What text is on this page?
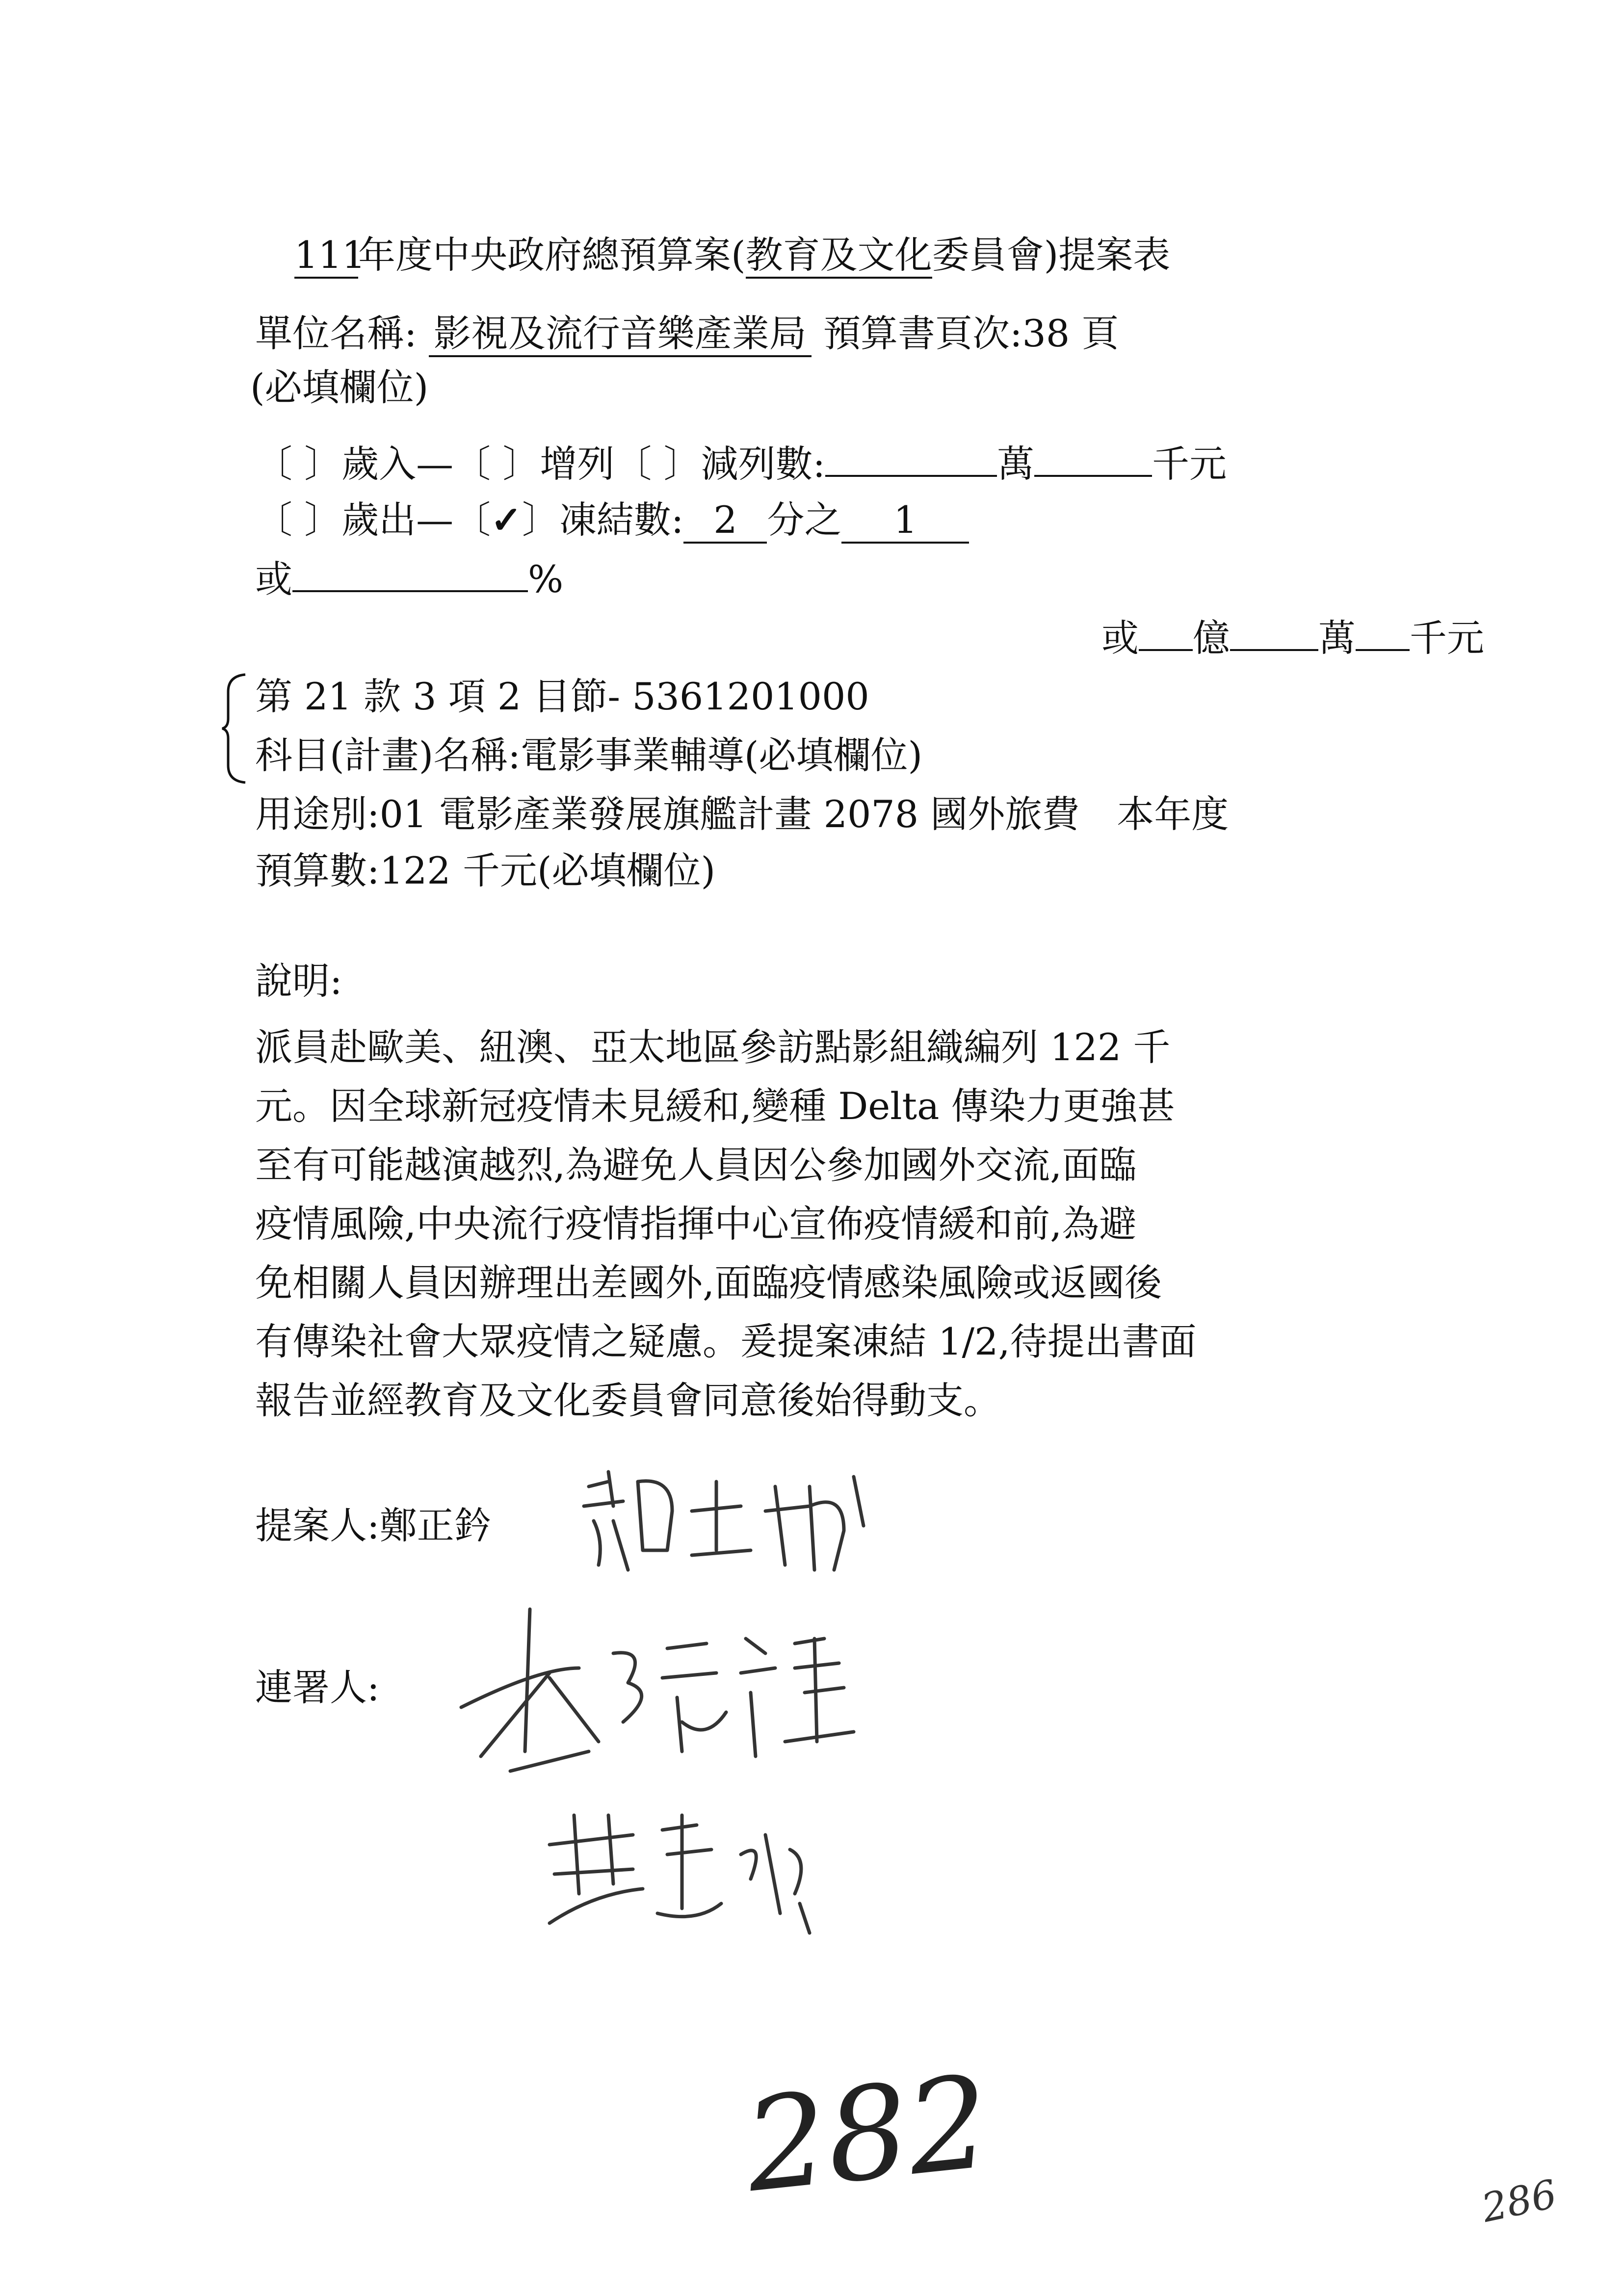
111年度中央政府總預算案(教育及文化委員會)提案表
單位名稱: 影視及流行音樂產業局 預算書頁次:38 頁
(必填欄位)
〔 〕歲入—〔 〕增列〔 〕減列數:	萬	千元
〔 〕歲出—〔✓〕凍結數: 2 分之 1
或	%
或 億 萬 千元
第 21 款 3 項 2 目節- 5361201000
科目(計畫)名稱:電影事業輔導(必填欄位)
用途別:01 電影產業發展旗艦計畫 2078 國外旅費　本年度
預算數:122 千元(必填欄位)
說明:
派員赴歐美、紐澳、亞太地區參訪點影組織編列 122 千
元。因全球新冠疫情未見緩和,變種 Delta 傳染力更強甚
至有可能越演越烈,為避免人員因公參加國外交流,面臨
疫情風險,中央流行疫情指揮中心宣佈疫情緩和前,為避
免相關人員因辦理出差國外,面臨疫情感染風險或返國後
有傳染社會大眾疫情之疑慮。爰提案凍結 1/2,待提出書面
報告並經教育及文化委員會同意後始得動支。
提案人:鄭正鈐
連署人:
282	286
